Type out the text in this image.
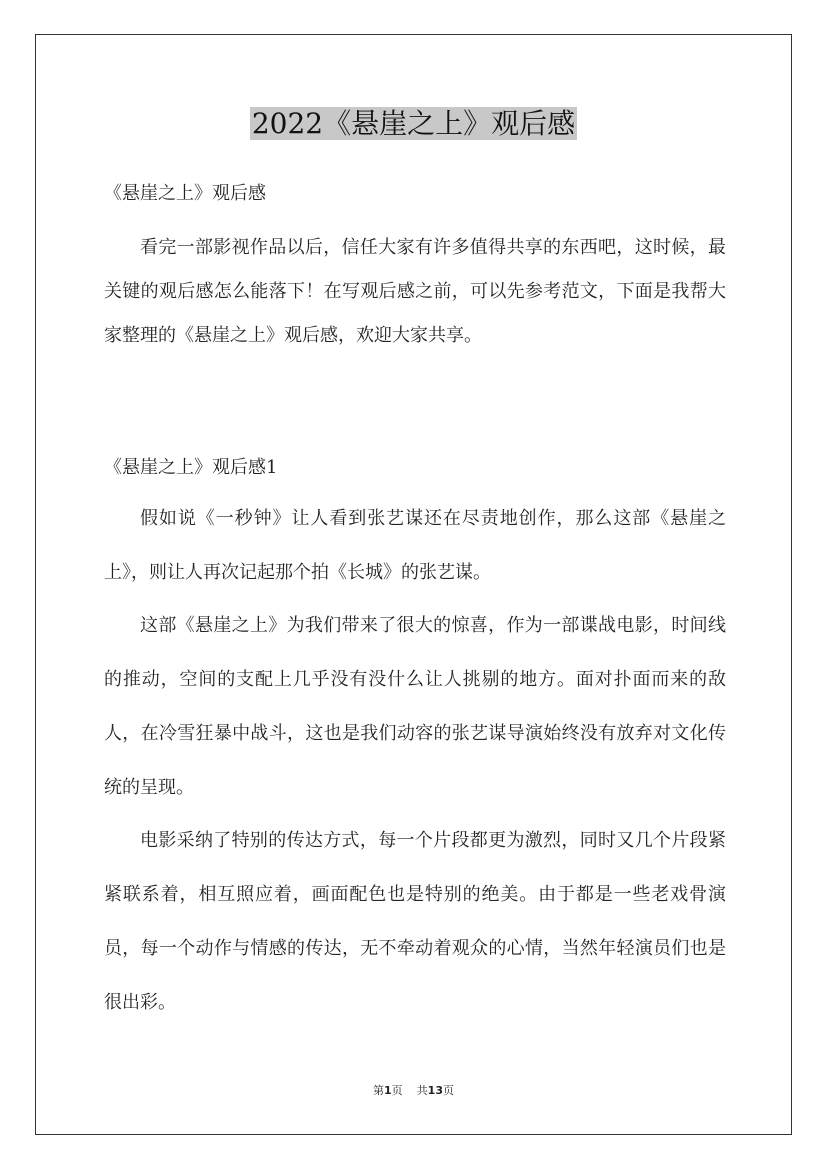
2022《悬崖之上》观后感
《悬崖之上》观后感
看完一部影视作品以后，信任大家有许多值得共享的东西吧，这时候，最关键的观后感怎么能落下！在写观后感之前，可以先参考范文，下面是我帮大家整理的《悬崖之上》观后感，欢迎大家共享。
《悬崖之上》观后感1
假如说《一秒钟》让人看到张艺谋还在尽责地创作，那么这部《悬崖之上》，则让人再次记起那个拍《长城》的张艺谋。
这部《悬崖之上》为我们带来了很大的惊喜，作为一部谍战电影，时间线的推动，空间的支配上几乎没有没什么让人挑剔的地方。面对扑面而来的敌人，在冷雪狂暴中战斗，这也是我们动容的张艺谋导演始终没有放弃对文化传统的呈现。
电影采纳了特别的传达方式，每一个片段都更为激烈，同时又几个片段紧紧联系着，相互照应着，画面配色也是特别的绝美。由于都是一些老戏骨演员，每一个动作与情感的传达，无不牵动着观众的心情，当然年轻演员们也是很出彩。
第1页 共13页
